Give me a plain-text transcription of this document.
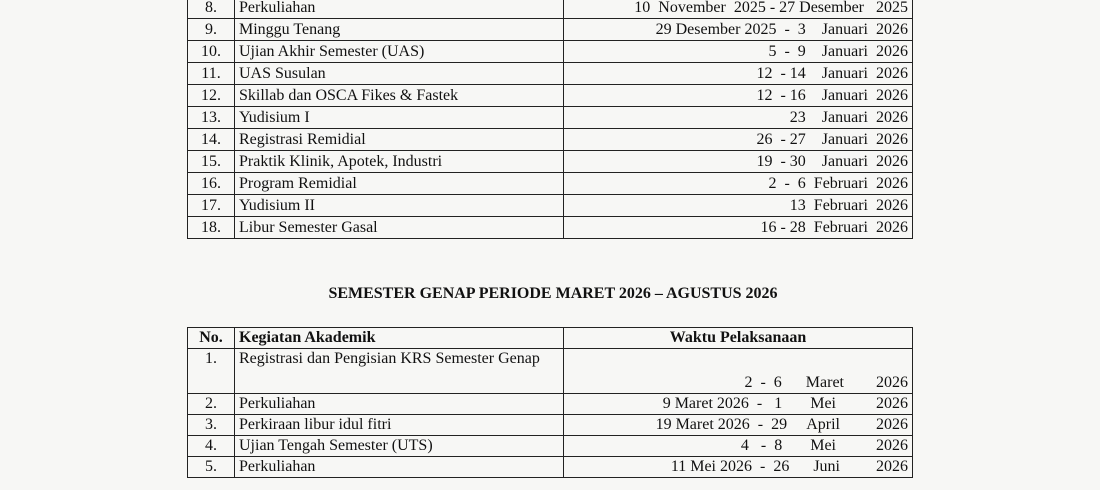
8.	Perkuliahan	10  November  2025 - 27 Desember   2025
9.	Minggu Tenang	29 Desember 2025  -  3    Januari  2026
10.	Ujian Akhir Semester (UAS)	5  -  9    Januari  2026
11.	UAS Susulan	12  - 14    Januari  2026
12.	Skillab dan OSCA Fikes & Fastek	12  - 16    Januari  2026
13.	Yudisium I	23    Januari  2026
14.	Registrasi Remidial	26  - 27    Januari  2026
15.	Praktik Klinik, Apotek, Industri	19  - 30    Januari  2026
16.	Program Remidial	2  -  6  Februari  2026
17.	Yudisium II	13  Februari  2026
18.	Libur Semester Gasal	16 - 28  Februari  2026
SEMESTER GENAP PERIODE MARET 2026 – AGUSTUS 2026
No.	Kegiatan Akademik	Waktu Pelaksanaan
1.	Registrasi dan Pengisian KRS Semester Genap	2  -  6      Maret        2026
2.	Perkuliahan	9 Maret 2026  -   1       Mei          2026
3.	Perkiraan libur idul fitri	19 Maret 2026  -  29     April         2026
4.	Ujian Tengah Semester (UTS)	4   -  8       Mei          2026
5.	Perkuliahan	11 Mei 2026  -  26      Juni         2026
